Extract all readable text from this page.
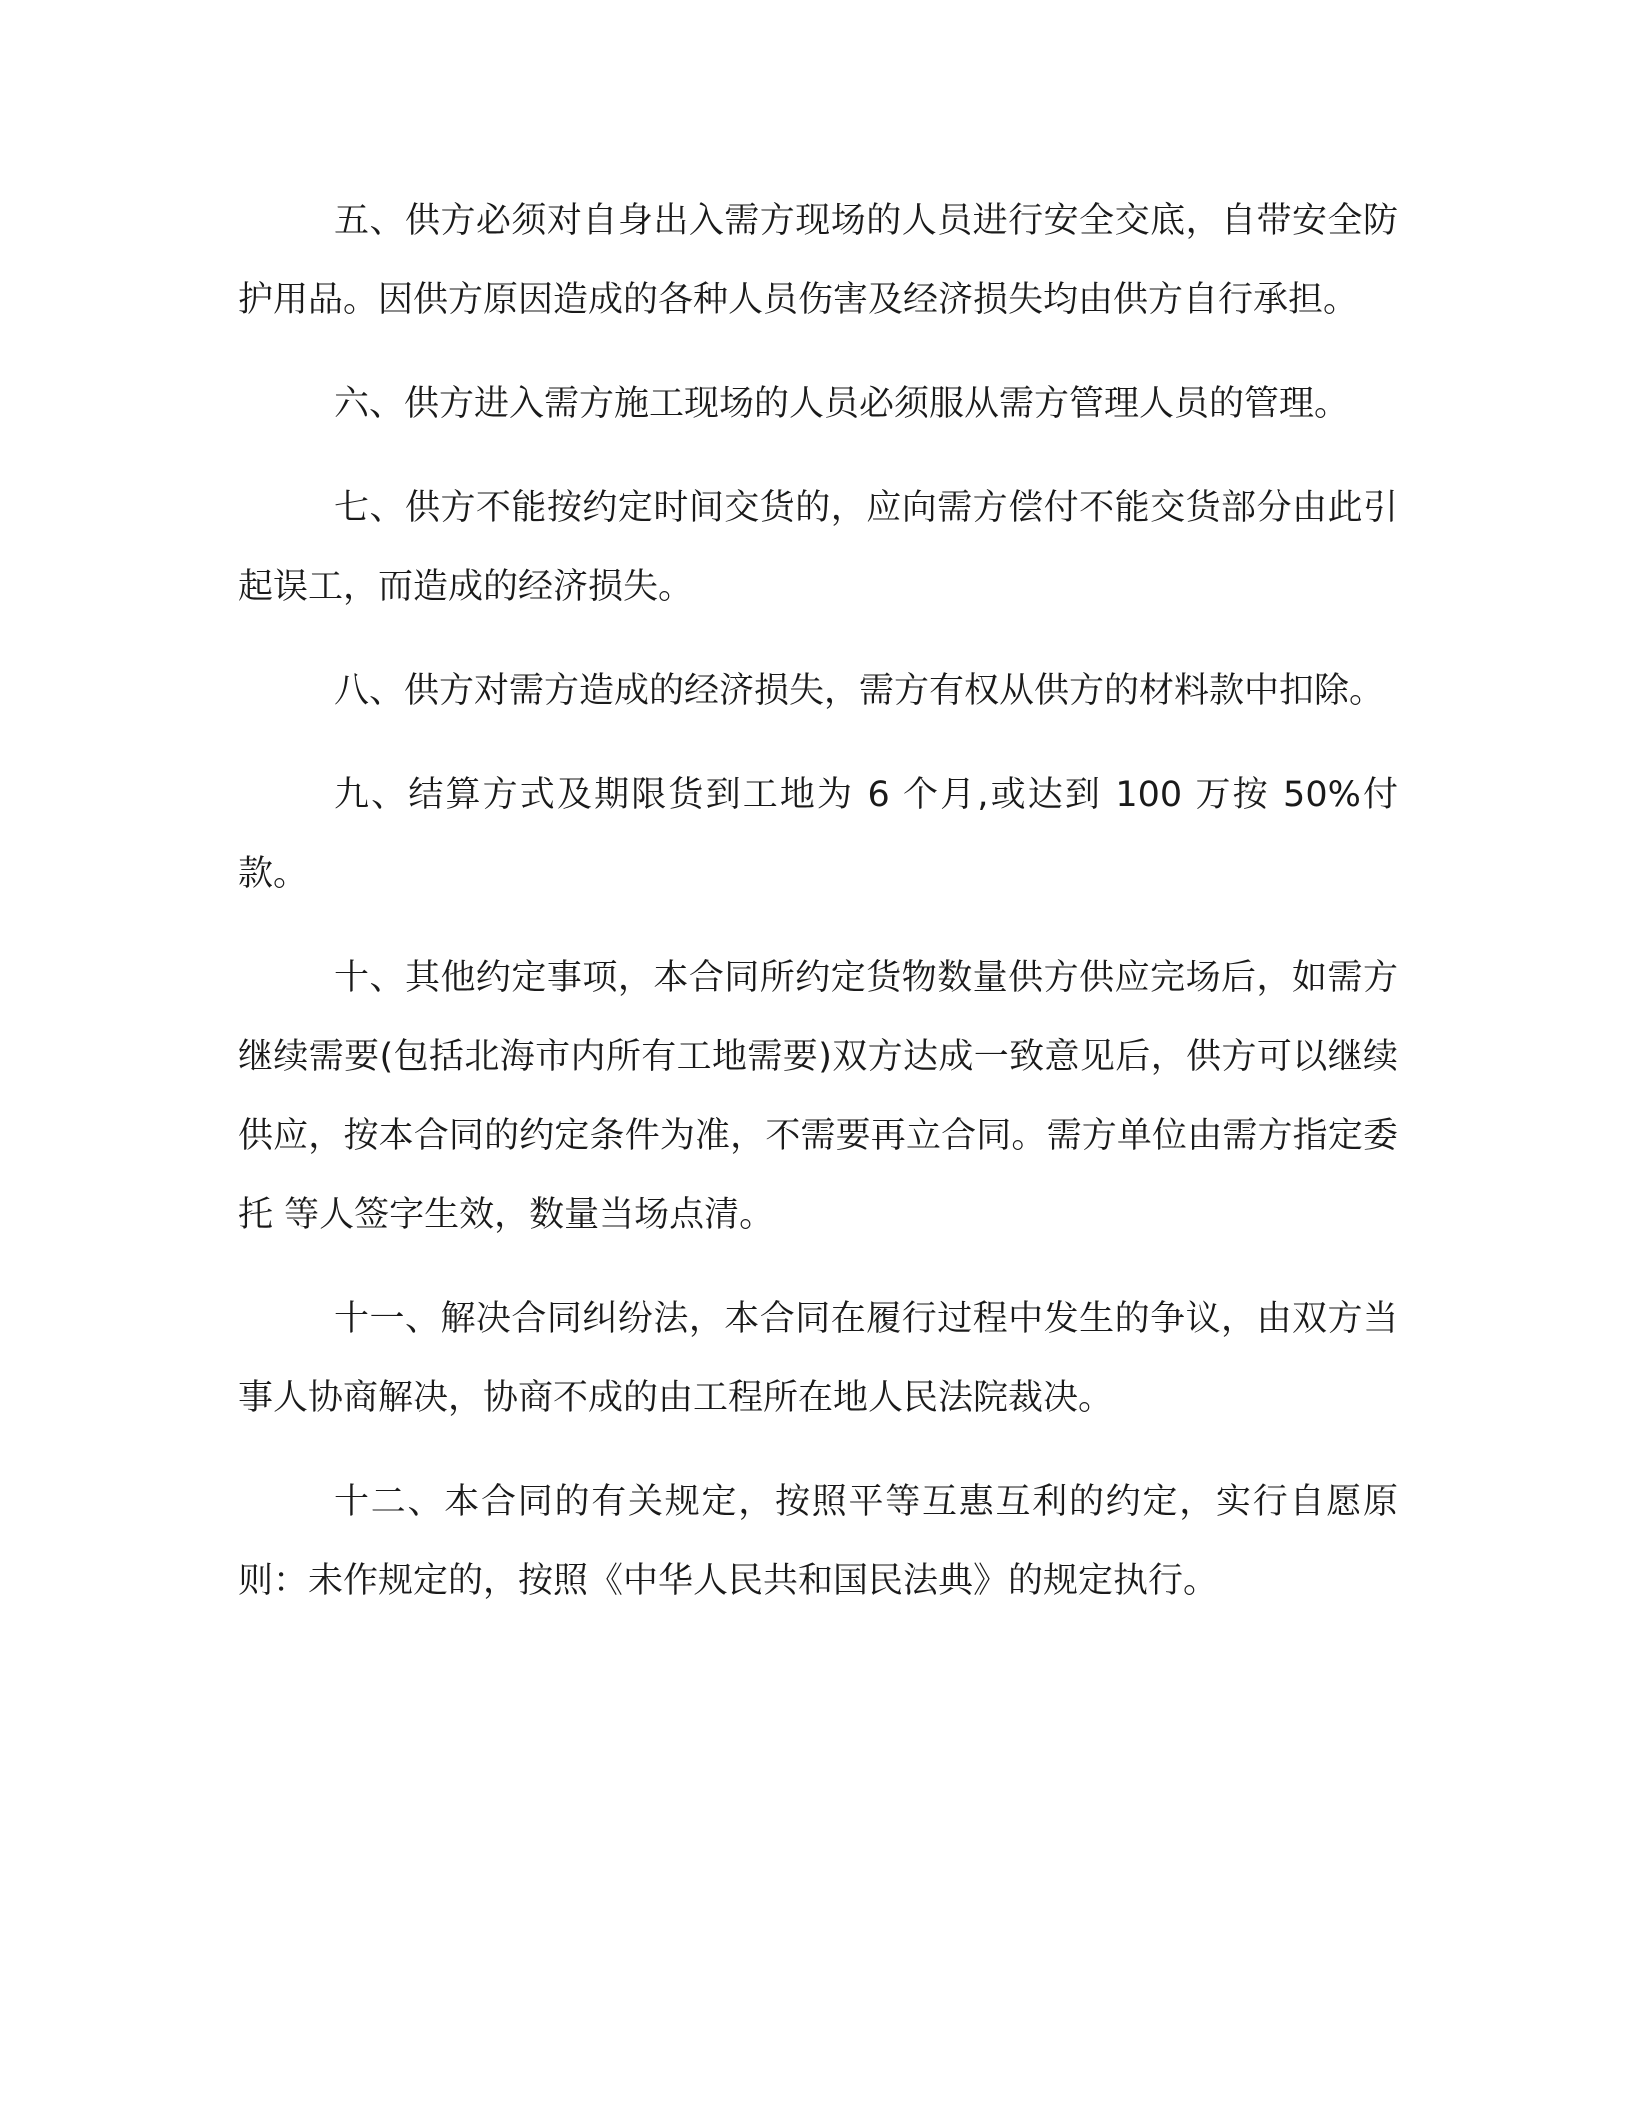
五、供方必须对自身出入需方现场的人员进行安全交底，自带安全防护用品。因供方原因造成的各种人员伤害及经济损失均由供方自行承担。

六、供方进入需方施工现场的人员必须服从需方管理人员的管理。

七、供方不能按约定时间交货的，应向需方偿付不能交货部分由此引起误工，而造成的经济损失。

八、供方对需方造成的经济损失，需方有权从供方的材料款中扣除。

九、结算方式及期限货到工地为 6 个月,或达到 100 万按 50%付款。

十、其他约定事项，本合同所约定货物数量供方供应完场后，如需方继续需要(包括北海市内所有工地需要)双方达成一致意见后，供方可以继续供应，按本合同的约定条件为准，不需要再立合同。需方单位由需方指定委托 等人签字生效，数量当场点清。

十一、解决合同纠纷法，本合同在履行过程中发生的争议，由双方当事人协商解决，协商不成的由工程所在地人民法院裁决。

十二、本合同的有关规定，按照平等互惠互利的约定，实行自愿原则：未作规定的，按照《中华人民共和国民法典》的规定执行。
